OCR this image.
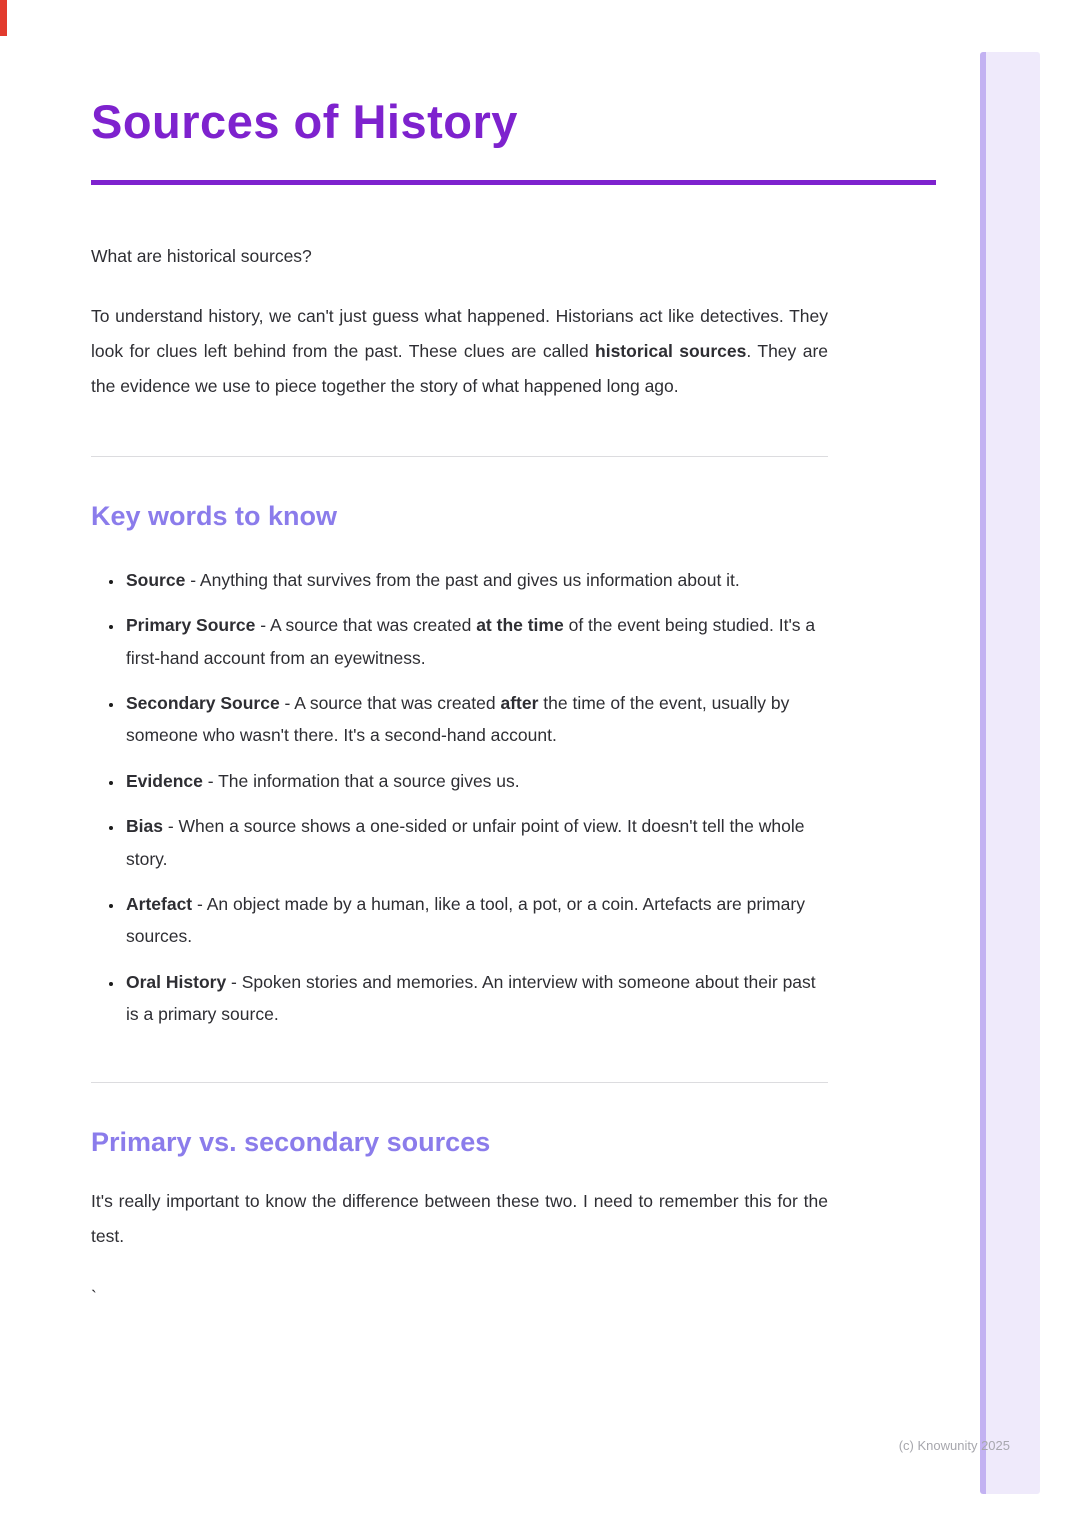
Sources of History

What are historical sources?

To understand history, we can't just guess what happened. Historians act like detectives. They look for clues left behind from the past. These clues are called historical sources. They are the evidence we use to piece together the story of what happened long ago.

Key words to know
• Source - Anything that survives from the past and gives us information about it.
• Primary Source - A source that was created at the time of the event being studied. It's a first-hand account from an eyewitness.
• Secondary Source - A source that was created after the time of the event, usually by someone who wasn't there. It's a second-hand account.
• Evidence - The information that a source gives us.
• Bias - When a source shows a one-sided or unfair point of view. It doesn't tell the whole story.
• Artefact - An object made by a human, like a tool, a pot, or a coin. Artefacts are primary sources.
• Oral History - Spoken stories and memories. An interview with someone about their past is a primary source.
Primary vs. secondary sources

It's really important to know the difference between these two. I need to remember this for the test.

`

(c) Knowunity 2025
